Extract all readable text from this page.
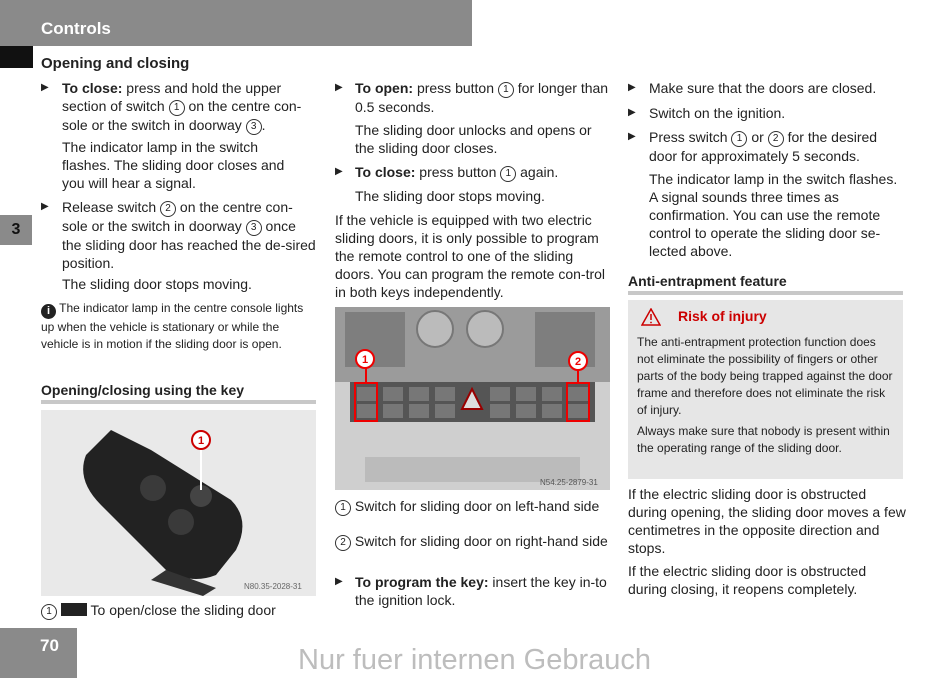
Controls
3
70	Nur fuer internen Gebrauch
Opening and closing
▶ To close: press and hold the upper section of switch 1 on the centre con-sole or the switch in doorway 3 .
The indicator lamp in the switch flashes. The sliding door closes and you will hear a signal.
▶ Release switch 2 on the centre con-sole or the switch in doorway 3 once the sliding door has reached the de-sired position.
The sliding door stops moving.
i The indicator lamp in the centre console lights up when the vehicle is stationary or while the vehicle is in motion if the sliding door is open.
Opening/closing using the key
1
N80.35-2028-31
1	To open/close the sliding door
▶ To open: press button 1 for longer than 0.5 seconds.
The sliding door unlocks and opens or the sliding door closes.
▶ To close: press button 1 again.
The sliding door stops moving.
If the vehicle is equipped with two electric sliding doors, it is only possible to program the remote control to one of the sliding doors. You can program the remote con-trol in both keys independently.
1	2
N54.25-2879-31
1 Switch for sliding door on left-hand side
2 Switch for sliding door on right-hand side
▶ To program the key: insert the key in-to the ignition lock.
▶ Make sure that the doors are closed.
▶ Switch on the ignition.
▶ Press switch 1 or 2 for the desired door for approximately 5 seconds.
The indicator lamp in the switch flashes. A signal sounds three times as confirmation. You can use the remote control to operate the sliding door se-lected above.
Anti-entrapment feature
Risk of injury
The anti-entrapment protection function does not eliminate the possibility of fingers or other parts of the body being trapped against the door frame and therefore does not eliminate the risk of injury.
Always make sure that nobody is present within the operating range of the sliding door.
If the electric sliding door is obstructed during opening, the sliding door moves a few centimetres in the opposite direction and stops.
If the electric sliding door is obstructed during closing, it reopens completely.
